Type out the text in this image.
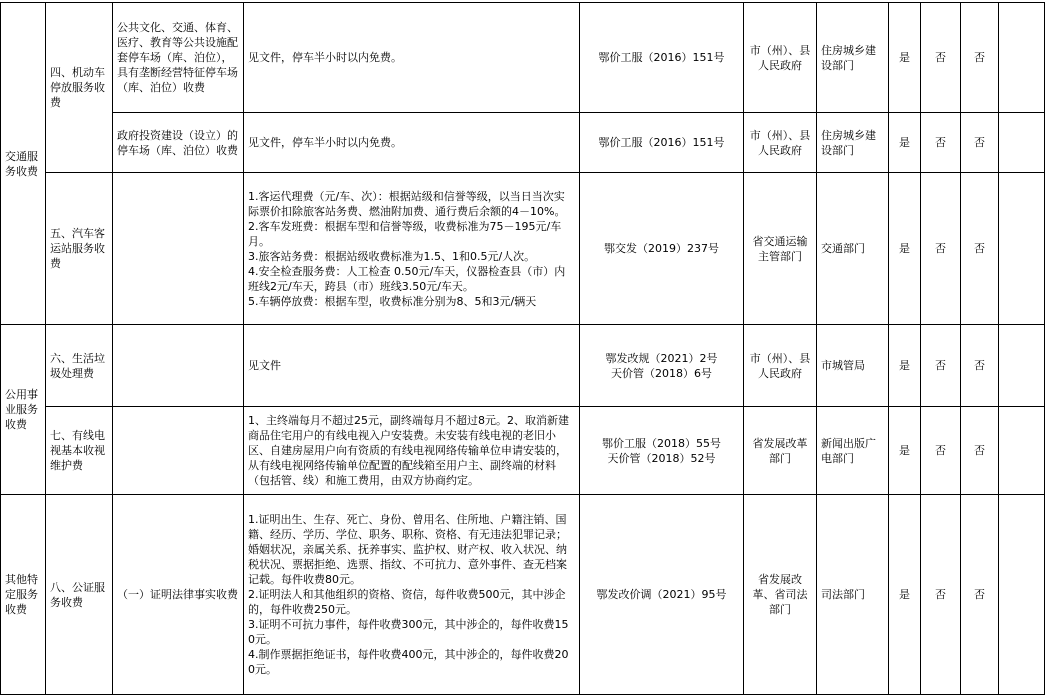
交通服务收费	四、机动车停放服务收费	公共文化、交通、体育、医疗、教育等公共设施配套停车场（库、泊位），具有垄断经营特征停车场（库、泊位）收费	见文件，停车半小时以内免费。	鄂价工服（2016）151号	市（州）、县人民政府	住房城乡建设部门	是	否	否	
		政府投资建设（设立）的停车场（库、泊位）收费	见文件，停车半小时以内免费。	鄂价工服（2016）151号	市（州）、县人民政府	住房城乡建设部门	是	否	否	
	五、汽车客运站服务收费		1.客运代理费（元/车、次）：根据站级和信誉等级，以当日当次实际票价扣除旅客站务费、燃油附加费、通行费后余额的4－10%。
2.客车发班费：根据车型和信誉等级，收费标准为75－195元/车月。
3.旅客站务费：根据站级收费标准为1.5、1和0.5元/人次。
4.安全检查服务费：人工检查 0.50元/车天，仪器检查县（市）内班线2元/车天，跨县（市）班线3.50元/车天。
5.车辆停放费：根据车型，收费标准分别为8、5和3元/辆天	鄂交发（2019）237号	省交通运输主管部门	交通部门	是	否	否	
公用事业服务收费	六、生活垃圾处理费		见文件	鄂发改规（2021）2号
天价管（2018）6号	市（州）、县人民政府	市城管局	是	否	否	
	七、有线电视基本收视维护费		1、主终端每月不超过25元，副终端每月不超过8元。2、取消新建商品住宅用户的有线电视入户安装费。未安装有线电视的老旧小区、自建房屋用户向有资质的有线电视网络传输单位申请安装的，从有线电视网络传输单位配置的配线箱至用户主、副终端的材料（包括管、线）和施工费用，由双方协商约定。	鄂价工服（2018）55号
天价管（2018）52号	省发展改革部门	新闻出版广电部门	是	否	否	
其他特定服务收费	八、公证服务收费	（一）证明法律事实收费	1.证明出生、生存、死亡、身份、曾用名、住所地、户籍注销、国籍、经历、学历、学位、职务、职称、资格、有无违法犯罪记录；婚姻状况，亲属关系、抚养事实、监护权、财产权、收入状况、纳税状况、票据拒绝、选票、指纹、不可抗力、意外事件、查无档案记载。每件收费80元。
2.证明法人和其他组织的资格、资信，每件收费500元，其中涉企的，每件收费250元。
3.证明不可抗力事件，每件收费300元，其中涉企的，每件收费150元。
4.制作票据拒绝证书，每件收费400元，其中涉企的，每件收费200元。	鄂发改价调（2021）95号	省发展改革、省司法部门	司法部门	是	否	否	
